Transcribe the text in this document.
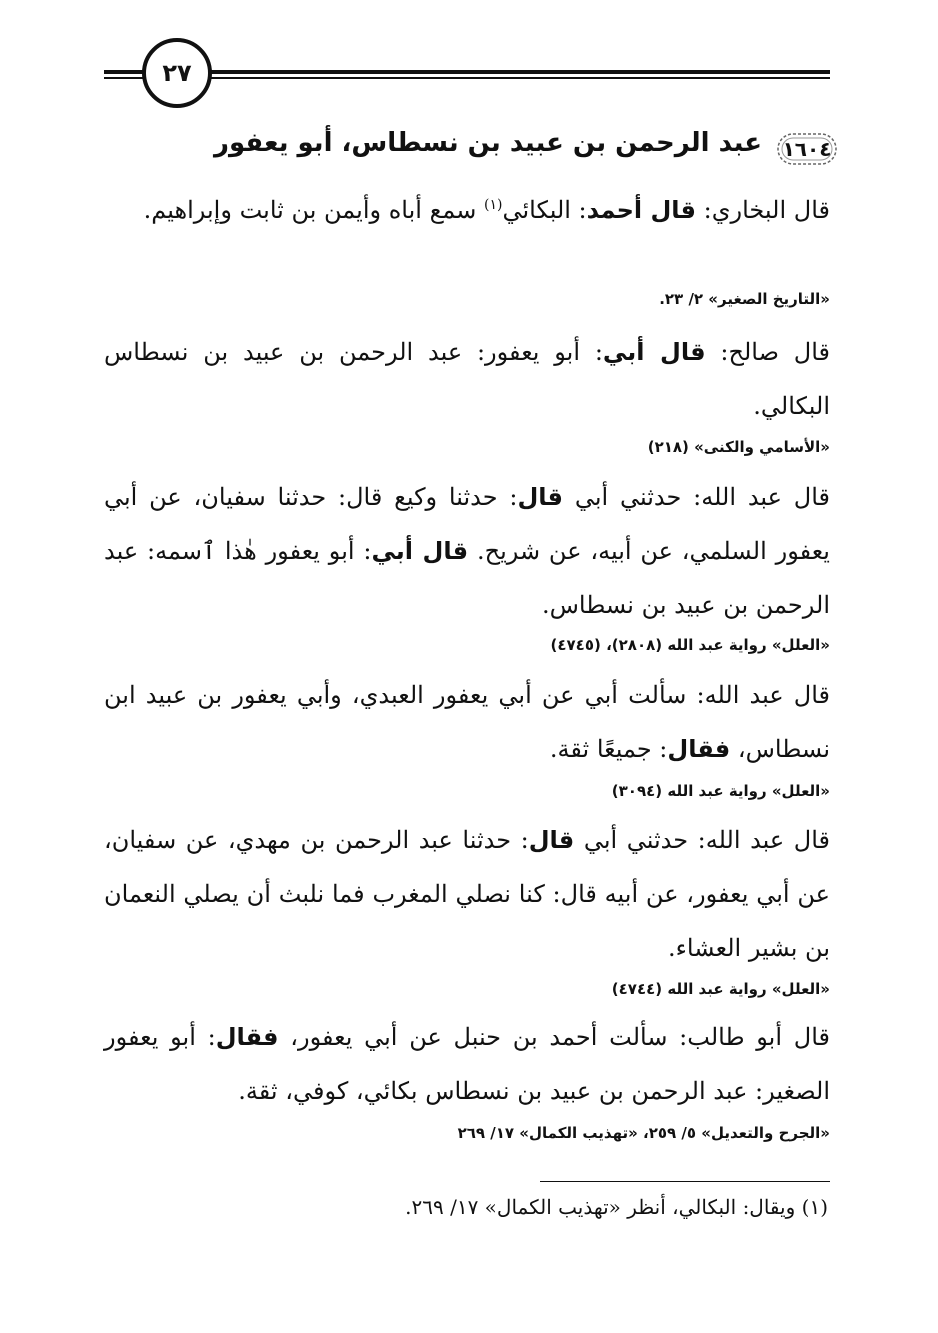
٢٧
١٦٠٤
عبد الرحمن بن عبيد بن نسطاس، أبو يعفور
قال البخاري: قال أحمد: البكائي$^{(١)}$ سمع أباه وأيمن بن ثابت وإبراهيم.
«التاريخ الصغير» ٢/ ٢٣.
قال صالح: قال أبي: أبو يعفور: عبد الرحمن بن عبيد بن نسطاس البكالي.
«الأسامي والكنى» (٢١٨)
قال عبد الله: حدثني أبي قال: حدثنا وكيع قال: حدثنا سفيان، عن أبي يعفور السلمي، عن أبيه، عن شريح. قال أبي: أبو يعفور هٰذا ٱسمه: عبد الرحمن بن عبيد بن نسطاس.
«العلل» رواية عبد الله (٢٨٠٨)، (٤٧٤٥)
قال عبد الله: سألت أبي عن أبي يعفور العبدي، وأبي يعفور بن عبيد ابن نسطاس، فقال: جميعًا ثقة.
«العلل» رواية عبد الله (٣٠٩٤)
قال عبد الله: حدثني أبي قال: حدثنا عبد الرحمن بن مهدي، عن سفيان، عن أبي يعفور، عن أبيه قال: كنا نصلي المغرب فما نلبث أن يصلي النعمان بن بشير العشاء.
«العلل» رواية عبد الله (٤٧٤٤)
قال أبو طالب: سألت أحمد بن حنبل عن أبي يعفور، فقال: أبو يعفور الصغير: عبد الرحمن بن عبيد بن نسطاس بكائي، كوفي، ثقة.
«الجرح والتعديل» ٥/ ٢٥٩، «تهذيب الكمال» ١٧/ ٢٦٩
(١) ويقال: البكالي، أنظر «تهذيب الكمال» ١٧/ ٢٦٩.
